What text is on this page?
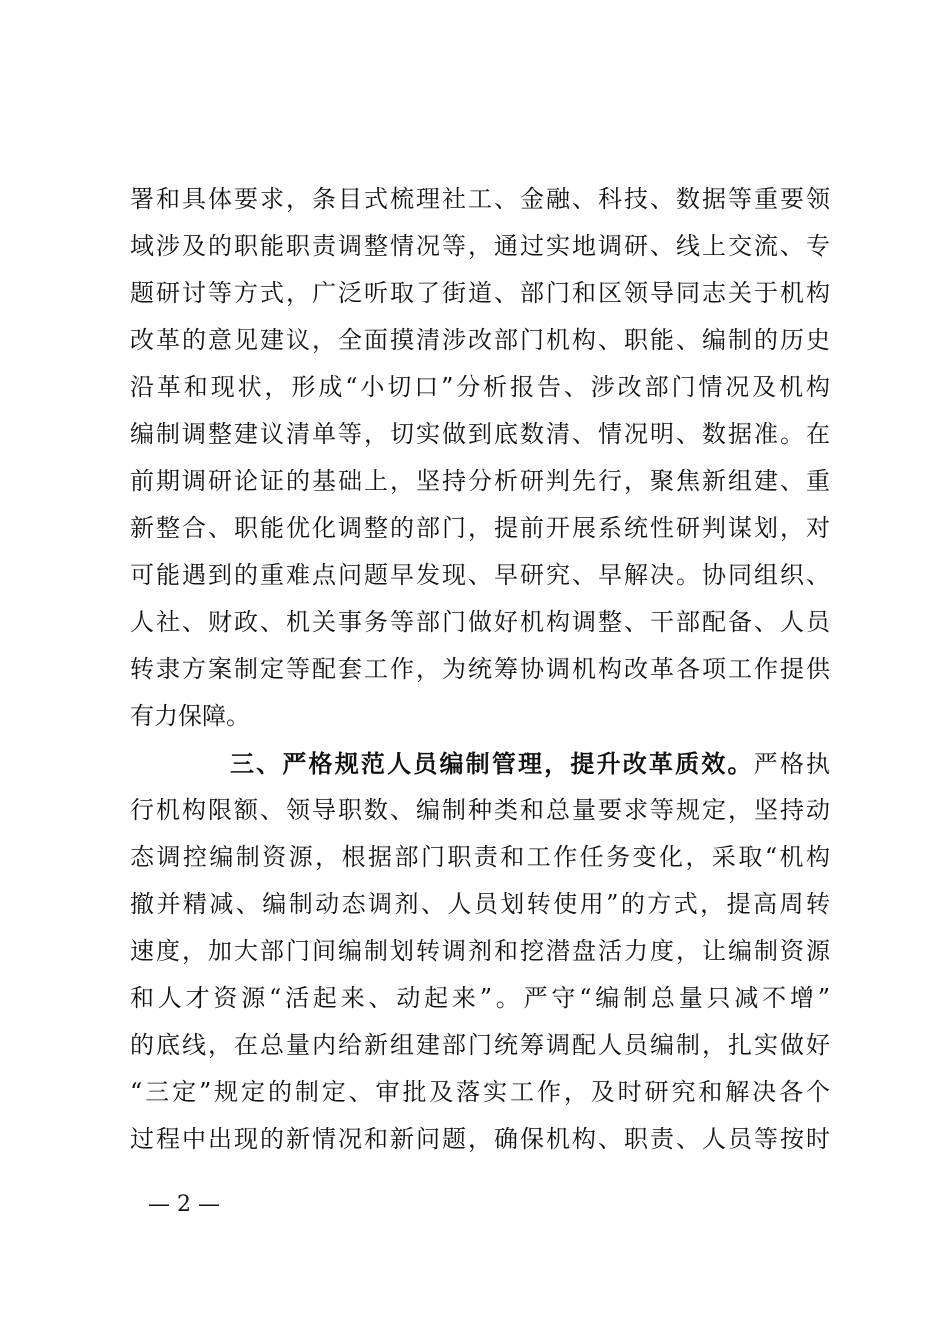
署和具体要求，条目式梳理社工、金融、科技、数据等重要领
域涉及的职能职责调整情况等，通过实地调研、线上交流、专
题研讨等方式，广泛听取了街道、部门和区领导同志关于机构
改革的意见建议，全面摸清涉改部门机构、职能、编制的历史
沿革和现状，形成“小切口”分析报告、涉改部门情况及机构
编制调整建议清单等，切实做到底数清、情况明、数据准。在
前期调研论证的基础上，坚持分析研判先行，聚焦新组建、重
新整合、职能优化调整的部门，提前开展系统性研判谋划，对
可能遇到的重难点问题早发现、早研究、早解决。协同组织、
人社、财政、机关事务等部门做好机构调整、干部配备、人员
转隶方案制定等配套工作，为统筹协调机构改革各项工作提供
有力保障。
三、严格规范人员编制管理，提升改革质效。严格执
行机构限额、领导职数、编制种类和总量要求等规定，坚持动
态调控编制资源，根据部门职责和工作任务变化，采取“机构
撤并精减、编制动态调剂、人员划转使用”的方式，提高周转
速度，加大部门间编制划转调剂和挖潜盘活力度，让编制资源
和人才资源“活起来、动起来”。严守“编制总量只减不增”
的底线，在总量内给新组建部门统筹调配人员编制，扎实做好
“三定”规定的制定、审批及落实工作，及时研究和解决各个
过程中出现的新情况和新问题，确保机构、职责、人员等按时
— 2 —
